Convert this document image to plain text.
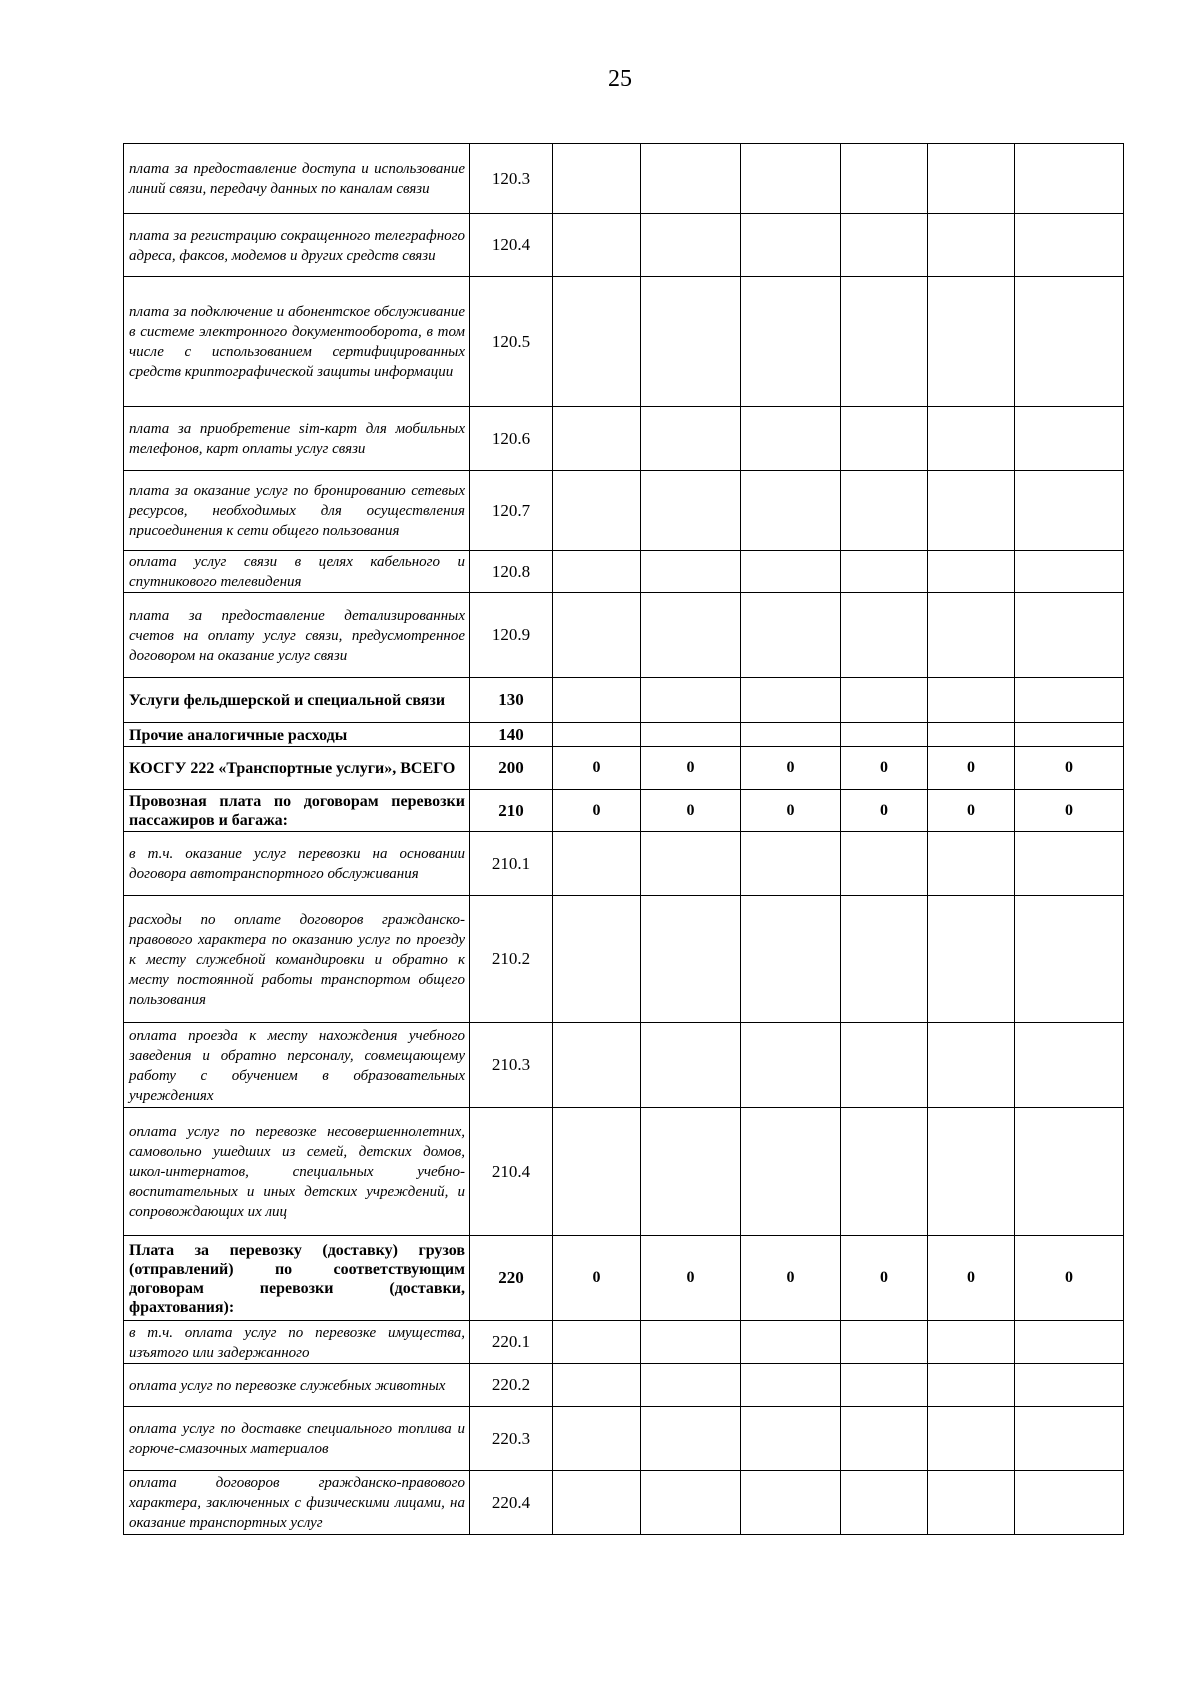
25
плата за предоставление доступа и использование линий связи, передачу данных по каналам связи	120.3						
плата за регистрацию сокращенного телеграфного адреса, факсов, модемов и других средств связи	120.4						
плата за подключение и абонентское обслуживание в системе электронного документооборота, в том числе с использованием сертифицированных средств криптографической защиты информации	120.5						
плата за приобретение sim-карт для мобильных телефонов, карт оплаты услуг связи	120.6						
плата за оказание услуг по бронированию сетевых ресурсов, необходимых для осуществления присоединения к сети общего пользования	120.7						
оплата услуг связи в целях кабельного и спутникового телевидения	120.8						
плата за предоставление детализированных счетов на оплату услуг связи, предусмотренное договором на оказание услуг связи	120.9						
Услуги фельдшерской и специальной связи	130						
Прочие аналогичные расходы	140						
КОСГУ 222 «Транспортные услуги», ВСЕГО	200	0	0	0	0	0	0
Провозная плата по договорам перевозки пассажиров и багажа:	210	0	0	0	0	0	0
в т.ч. оказание услуг перевозки на основании договора автотранспортного обслуживания	210.1						
расходы по оплате договоров гражданско-правового характера по оказанию услуг по проезду к месту служебной командировки и обратно к месту постоянной работы транспортом общего пользования	210.2						
оплата проезда к месту нахождения учебного заведения и обратно персоналу, совмещающему работу с обучением в образовательных учреждениях	210.3						
оплата услуг по перевозке несовершеннолетних, самовольно ушедших из семей, детских домов, школ-интернатов, специальных учебно-воспитательных и иных детских учреждений, и сопровождающих их лиц	210.4						
Плата за перевозку (доставку) грузов (отправлений) по соответствующим договорам перевозки (доставки, фрахтования):	220	0	0	0	0	0	0
в т.ч. оплата услуг по перевозке имущества, изъятого или задержанного	220.1						
оплата услуг по перевозке служебных животных	220.2						
оплата услуг по доставке специального топлива и горюче-смазочных материалов	220.3						
оплата договоров гражданско-правового характера, заключенных с физическими лицами, на оказание транспортных услуг	220.4						
